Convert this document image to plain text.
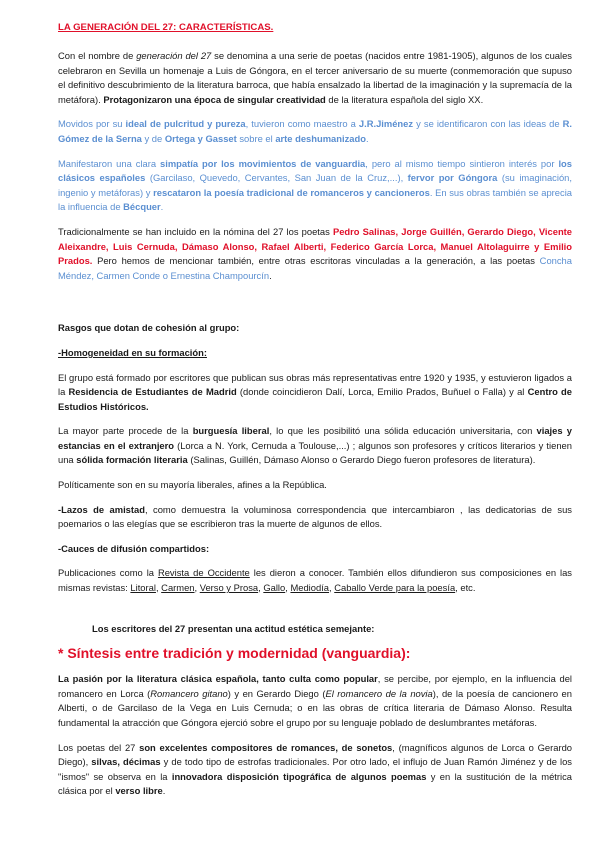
LA GENERACIÓN DEL 27: CARACTERÍSTICAS.

Con el nombre de generación del 27 se denomina a una serie de poetas (nacidos entre 1981-1905), algunos de los cuales celebraron en Sevilla un homenaje a Luis de Góngora, en el tercer aniversario de su muerte (conmemoración que supuso el definitivo descubrimiento de la literatura barroca, que había ensalzado la libertad de la imaginación y la supremacía de la metáfora). Protagonizaron una época de singular creatividad de la literatura española del siglo XX.

Movidos por su ideal de pulcritud y pureza, tuvieron como maestro a J.R.Jiménez y se identificaron con las ideas de R. Gómez de la Serna y de Ortega y Gasset sobre el arte deshumanizado.

Manifestaron una clara simpatía por los movimientos de vanguardia, pero al mismo tiempo sintieron interés por los clásicos españoles (Garcilaso, Quevedo, Cervantes, San Juan de la Cruz,...), fervor por Góngora (su imaginación, ingenio y metáforas) y rescataron la poesía tradicional de romanceros y cancioneros. En sus obras también se aprecia la influencia de Bécquer.

Tradicionalmente se han incluido en la nómina del 27 los poetas Pedro Salinas, Jorge Guillén, Gerardo Diego, Vicente Aleixandre, Luis Cernuda, Dámaso Alonso, Rafael Alberti, Federico García Lorca, Manuel Altolaguirre y Emilio Prados. Pero hemos de mencionar también, entre otras escritoras vinculadas a la generación, a las poetas Concha Méndez, Carmen Conde o Ernestina Champourcín.

Rasgos que dotan de cohesión al grupo:

-Homogeneidad en su formación:

El grupo está formado por escritores que publican sus obras más representativas entre 1920 y 1935, y estuvieron ligados a la Residencia de Estudiantes de Madrid (donde coincidieron Dalí, Lorca, Emilio Prados, Buñuel o Falla) y al Centro de Estudios Históricos.

La mayor parte procede de la burguesía liberal, lo que les posibilitó una sólida educación universitaria, con viajes y estancias en el extranjero (Lorca a N. York, Cernuda a Toulouse,...) ; algunos son profesores y críticos literarios y tienen una sólida formación literaria (Salinas, Guillén, Dámaso Alonso o Gerardo Diego fueron profesores de literatura).

Políticamente son en su mayoría liberales, afines a la República.

-Lazos de amistad, como demuestra la voluminosa correspondencia que intercambiaron , las dedicatorias de sus poemarios o las elegías que se escribieron tras la muerte de algunos de ellos.

-Cauces de difusión compartidos:

Publicaciones como la Revista de Occidente les dieron a conocer. También ellos difundieron sus composiciones en las mismas revistas: Litoral, Carmen, Verso y Prosa, Gallo, Mediodía, Caballo Verde para la poesía, etc.

Los escritores del 27 presentan una actitud estética semejante:

* Síntesis entre tradición y modernidad (vanguardia):

La pasión por la literatura clásica española, tanto culta como popular, se percibe, por ejemplo, en la influencia del romancero en Lorca (Romancero gitano) y en Gerardo Diego (El romancero de la novia), de la poesía de cancionero en Alberti, o de Garcilaso de la Vega en Luis Cernuda; o en las obras de crítica literaria de Dámaso Alonso. Resulta fundamental la atracción que Góngora ejerció sobre el grupo por su lenguaje poblado de deslumbrantes metáforas.

Los poetas del 27 son excelentes compositores de romances, de sonetos, (magníficos algunos de Lorca o Gerardo Diego), silvas, décimas y de todo tipo de estrofas tradicionales. Por otro lado, el influjo de Juan Ramón Jiménez y de los "ismos" se observa en la innovadora disposición tipográfica de algunos poemas y en la sustitución de la métrica clásica por el verso libre.
